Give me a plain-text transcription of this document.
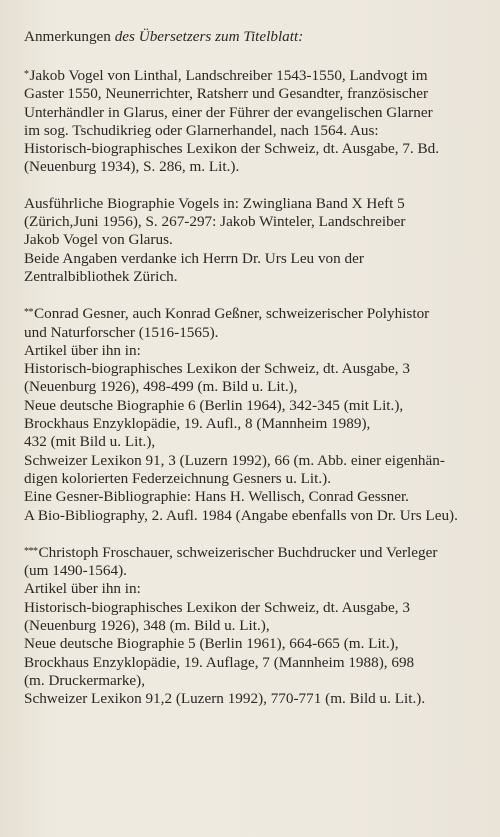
Anmerkungen des Übersetzers zum Titelblatt:
*Jakob Vogel von Linthal, Landschreiber 1543-1550, Landvogt im
Gaster 1550, Neunerrichter, Ratsherr und Gesandter, französischer
Unterhändler in Glarus, einer der Führer der evangelischen Glarner
im sog. Tschudikrieg oder Glarnerhandel, nach 1564. Aus:
Historisch-biographisches Lexikon der Schweiz, dt. Ausgabe, 7. Bd.
(Neuenburg 1934), S. 286, m. Lit.).
Ausführliche Biographie Vogels in: Zwingliana Band X Heft 5
(Zürich,Juni 1956), S. 267-297: Jakob Winteler, Landschreiber
Jakob Vogel von Glarus.
Beide Angaben verdanke ich Herrn Dr. Urs Leu von der
Zentralbibliothek Zürich.
**Conrad Gesner, auch Konrad Geßner, schweizerischer Polyhistor
und Naturforscher (1516-1565).
Artikel über ihn in:
Historisch-biographisches Lexikon der Schweiz, dt. Ausgabe, 3
(Neuenburg 1926), 498-499 (m. Bild u. Lit.),
Neue deutsche Biographie 6 (Berlin 1964), 342-345 (mit Lit.),
Brockhaus Enzyklopädie, 19. Aufl., 8 (Mannheim 1989),
432 (mit Bild u. Lit.),
Schweizer Lexikon 91, 3 (Luzern 1992), 66 (m. Abb. einer eigenhän-
digen kolorierten Federzeichnung Gesners u. Lit.).
Eine Gesner-Bibliographie: Hans H. Wellisch, Conrad Gessner.
A Bio-Bibliography, 2. Aufl. 1984 (Angabe ebenfalls von Dr. Urs Leu).
***Christoph Froschauer, schweizerischer Buchdrucker und Verleger
(um 1490-1564).
Artikel über ihn in:
Historisch-biographisches Lexikon der Schweiz, dt. Ausgabe, 3
(Neuenburg 1926), 348 (m. Bild u. Lit.),
Neue deutsche Biographie 5 (Berlin 1961), 664-665 (m. Lit.),
Brockhaus Enzyklopädie, 19. Auflage, 7 (Mannheim 1988), 698
(m. Druckermarke),
Schweizer Lexikon 91,2 (Luzern 1992), 770-771 (m. Bild u. Lit.).
